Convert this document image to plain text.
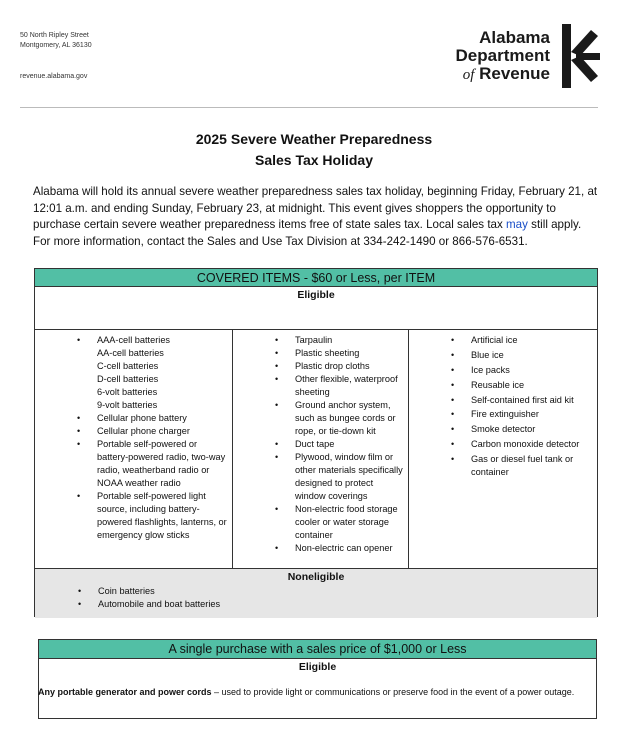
50 North Ripley Street
Montgomery, AL 36130
revenue.alabama.gov
Alabama
Department
of Revenue
2025 Severe Weather Preparedness
Sales Tax Holiday
Alabama will hold its annual severe weather preparedness sales tax holiday, beginning Friday, February 21, at 12:01 a.m. and ending Sunday, February 23, at midnight. This event gives shoppers the opportunity to purchase certain severe weather preparedness items free of state sales tax. Local sales tax may still apply. For more information, contact the Sales and Use Tax Division at 334-242-1490 or 866-576-6531.
COVERED ITEMS - $60 or Less, per ITEM
Eligible
• AAA-cell batteries
AA-cell batteries
C-cell batteries
D-cell batteries
6-volt batteries
9-volt batteries
• Cellular phone battery
• Cellular phone charger
• Portable self-powered or battery-powered radio, two-way radio, weatherband radio or NOAA weather radio
• Portable self-powered light source, including battery-powered flashlights, lanterns, or emergency glow sticks
• Tarpaulin
• Plastic sheeting
• Plastic drop cloths
• Other flexible, waterproof sheeting
• Ground anchor system, such as bungee cords or rope, or tie-down kit
• Duct tape
• Plywood, window film or other materials specifically designed to protect window coverings
• Non-electric food storage cooler or water storage container
• Non-electric can opener
• Artificial ice
• Blue ice
• Ice packs
• Reusable ice
• Self-contained first aid kit
• Fire extinguisher
• Smoke detector
• Carbon monoxide detector
• Gas or diesel fuel tank or container
Noneligible
• Coin batteries
• Automobile and boat batteries
A single purchase with a sales price of $1,000 or Less
Eligible
Any portable generator and power cords – used to provide light or communications or preserve food in the event of a power outage.
